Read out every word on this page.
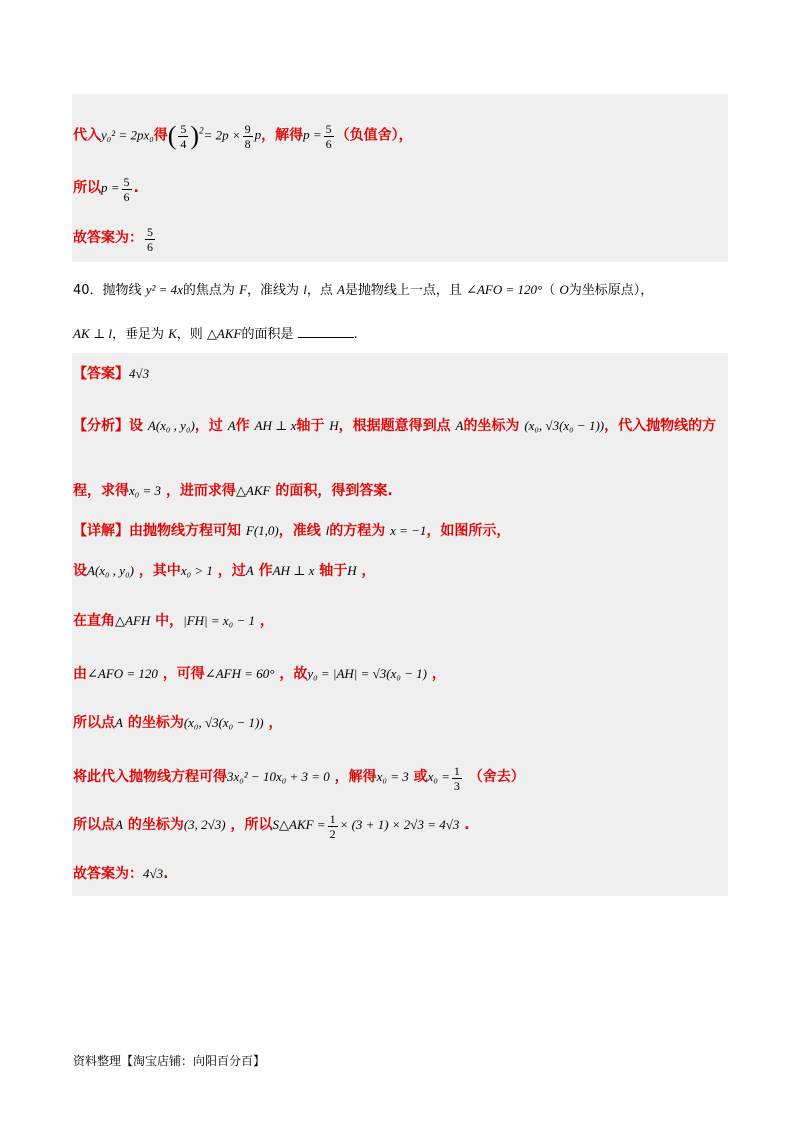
代入y₀² = 2px₀得( $\frac{5}{4} )^2= 2p \times \frac{9}{8}$ p，解得$p = \frac{5}{6}$ （负值舍），
所以$p = \frac{5}{6}$ .
故答案为： $\frac{5}{6}$
40．抛物线 y² = 4x的焦点为 F，准线为 l，点 A是抛物线上一点，且 ∠AFO = 120°（ O为坐标原点），
AK ⊥ l，垂足为 K，则 △AKF的面积是	.
【答案】4√3
【分析】设 A(x₀ , y₀)，过 A作 AH ⊥ x轴于 H，根据题意得到点 A的坐标为 (x₀, √3(x₀ − 1))，代入抛物线的方
程，求得x₀ = 3 ，进而求得△AKF 的面积，得到答案.
【详解】由抛物线方程可知 F(1,0)，准线 l的方程为 x = −1，如图所示，
设A(x₀ , y₀) ，其中x₀ > 1 ，过A 作AH ⊥ x 轴于H ，
在直角△AFH 中，|FH| = x₀ − 1 ，
由∠AFO = 120 ，可得∠AFH = 60° ，故y₀ = |AH| = √3(x₀ − 1) ，
所以点A 的坐标为(x₀, √3(x₀ − 1)) ，
将此代入抛物线方程可得3x₀² − 10x₀ + 3 = 0 ，解得x₀ = 3 或$x_0 = \frac{1}{3}$ （舍去）
所以点A 的坐标为(3, 2√3) ，所以S△AKF = $\frac{1}{2} \times (3 + 1) \times 2√3 = 4√3$ .
故答案为：4√3.
资料整理【淘宝店铺：向阳百分百】
